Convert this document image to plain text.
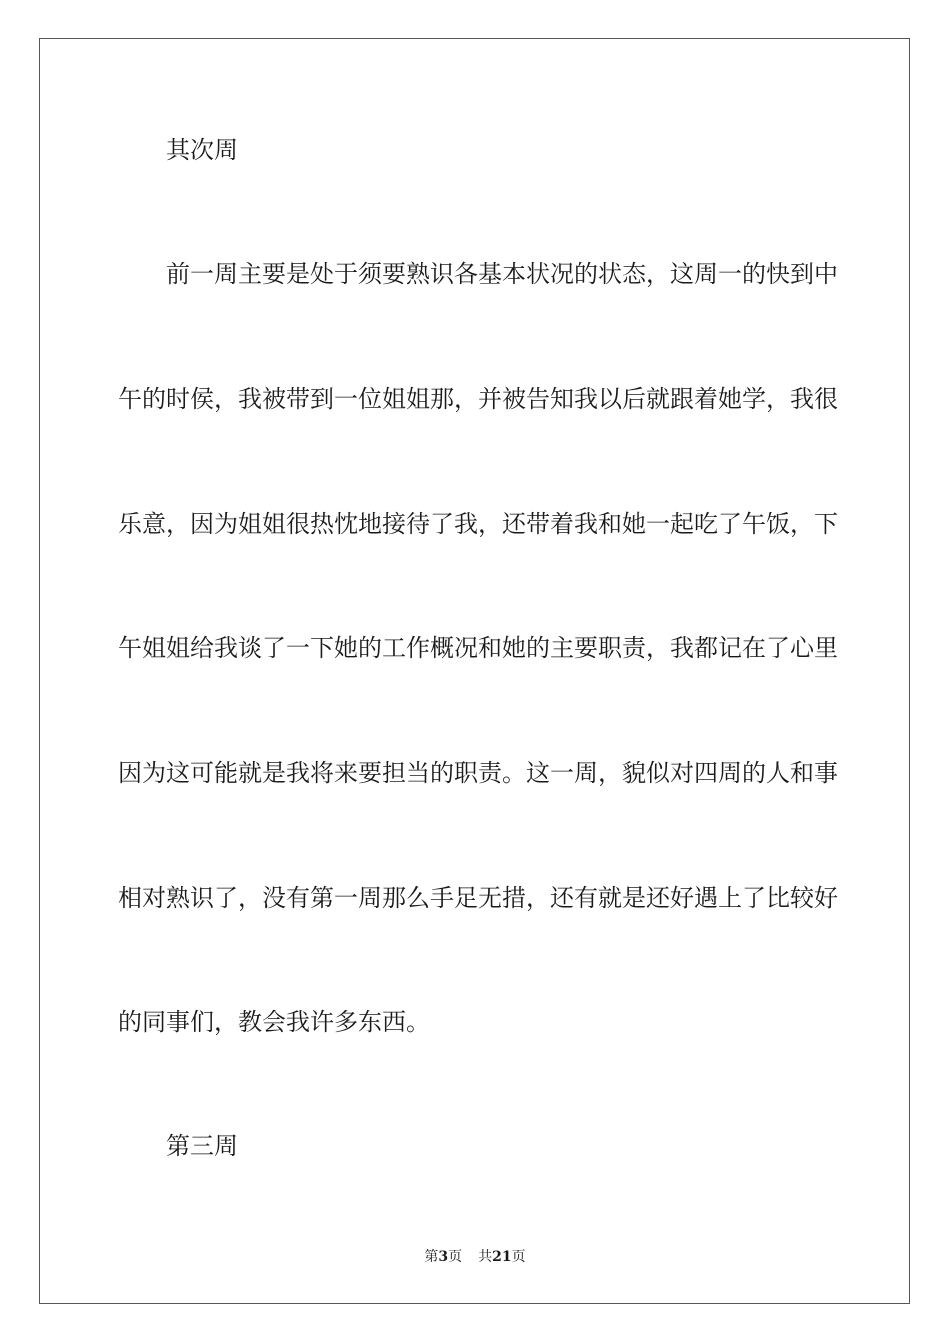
其次周
前一周主要是处于须要熟识各基本状况的状态，这周一的快到中
午的时侯，我被带到一位姐姐那，并被告知我以后就跟着她学，我很
乐意，因为姐姐很热忱地接待了我，还带着我和她一起吃了午饭，下
午姐姐给我谈了一下她的工作概况和她的主要职责，我都记在了心里
因为这可能就是我将来要担当的职责。这一周，貌似对四周的人和事
相对熟识了，没有第一周那么手足无措，还有就是还好遇上了比较好
的同事们，教会我许多东西。
第三周
第3页 共21页
